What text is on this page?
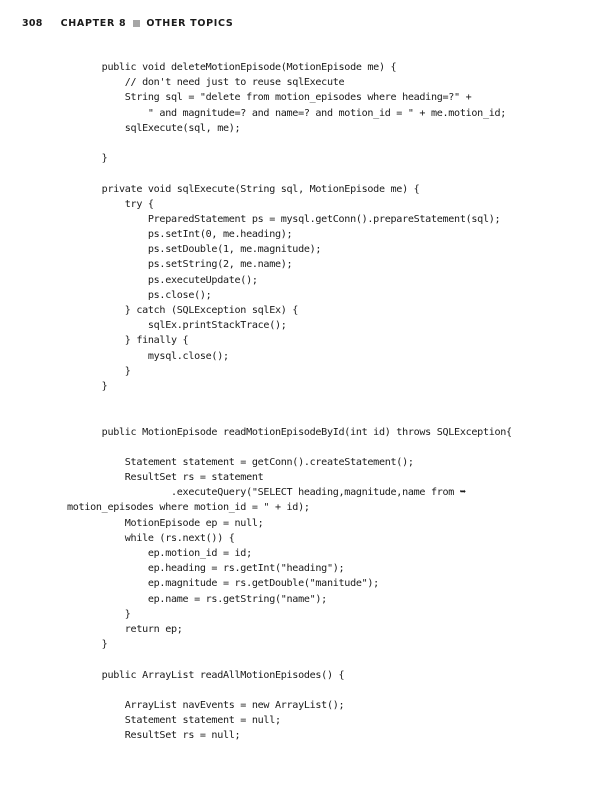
308 CHAPTER 8 OTHER TOPICS
public void deleteMotionEpisode(MotionEpisode me) {
// don't need just to reuse sqlExecute
String sql = "delete from motion_episodes where heading=?" +
" and magnitude=? and name=? and motion_id = " + me.motion_id;
sqlExecute(sql, me);
}
private void sqlExecute(String sql, MotionEpisode me) {
try {
PreparedStatement ps = mysql.getConn().prepareStatement(sql);
ps.setInt(0, me.heading);
ps.setDouble(1, me.magnitude);
ps.setString(2, me.name);
ps.executeUpdate();
ps.close();
} catch (SQLException sqlEx) {
sqlEx.printStackTrace();
} finally {
mysql.close();
}
}
public MotionEpisode readMotionEpisodeById(int id) throws SQLException{
Statement statement = getConn().createStatement();
ResultSet rs = statement
.executeQuery("SELECT heading,magnitude,name from ➥
motion_episodes where motion_id = " + id);
MotionEpisode ep = null;
while (rs.next()) {
ep.motion_id = id;
ep.heading = rs.getInt("heading");
ep.magnitude = rs.getDouble("manitude");
ep.name = rs.getString("name");
}
return ep;
}
public ArrayList readAllMotionEpisodes() {
ArrayList navEvents = new ArrayList();
Statement statement = null;
ResultSet rs = null;
